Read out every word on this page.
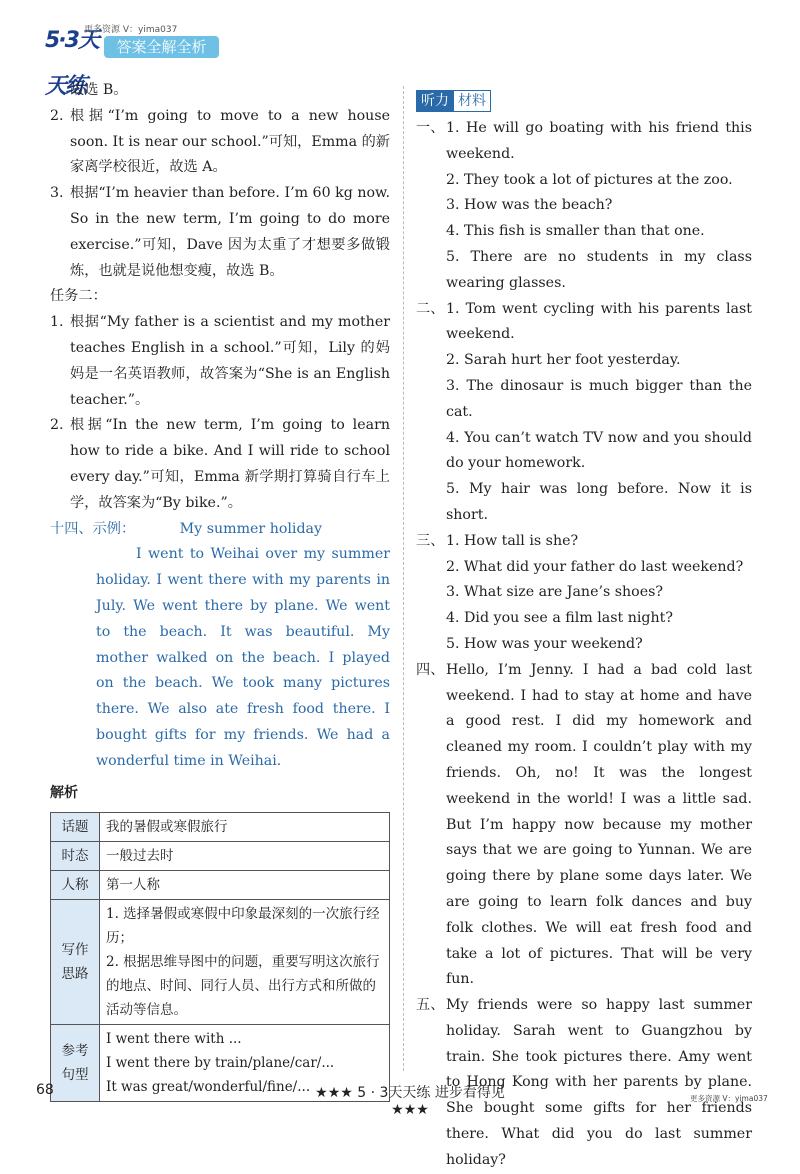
5·3天天练
更多资源 V：yima037
答案全解全析

故选 B。

2. 根据“I’m going to move to a new house soon. It is near our school.”可知，Emma 的新家离学校很近，故选 A。
3. 根据“I’m heavier than before. I’m 60 kg now. So in the new term, I’m going to do more exercise.”可知，Dave 因为太重了才想要多做锻炼，也就是说他想变瘦，故选 B。

任务二：

1. 根据“My father is a scientist and my mother teaches English in a school.”可知，Lily 的妈妈是一名英语教师，故答案为“She is an English teacher.”。
2. 根据“In the new term, I’m going to learn how to ride a bike. And I will ride to school every day.”可知，Emma 新学期打算骑自行车上学，故答案为“By bike.”。
十四、示例：	My summer holiday

I went to Weihai over my summer holiday. I went there with my parents in July. We went there by plane. We went to the beach. It was beautiful. My mother walked on the beach. I played on the beach. We took many pictures there. We also ate fresh food there. I bought gifts for my friends. We had a wonderful time in Weihai.

解析
话题	我的暑假或寒假旅行
时态	一般过去时
人称	第一人称
写作思路	1. 选择暑假或寒假中印象最深刻的一次旅行经历；
2. 根据思维导图中的问题，重要写明这次旅行的地点、时间、同行人员、出行方式和所做的活动等信息。

参考句型	I went there with ...
I went there by train/plane/car/...
It was great/wonderful/fine/...
听力 材料
一、 1. He will go boating with his friend this weekend.
2. They took a lot of pictures at the zoo.
3. How was the beach?
4. This fish is smaller than that one.
5. There are no students in my class wearing glasses.
二、 1. Tom went cycling with his parents last weekend.
2. Sarah hurt her foot yesterday.
3. The dinosaur is much bigger than the cat.
4. You can’t watch TV now and you should do your homework.
5. My hair was long before. Now it is short.
三、 1. How tall is she?
2. What did your father do last weekend?
3. What size are Jane’s shoes?
4. Did you see a film last night?
5. How was your weekend?
四、 Hello, I’m Jenny. I had a bad cold last weekend. I had to stay at home and have a good rest. I did my homework and cleaned my room. I couldn’t play with my friends. Oh, no! It was the longest weekend in the world! I was a little sad. But I’m happy now because my mother says that we are going to Yunnan. We are going there by plane some days later. We are going to learn folk dances and buy folk clothes. We will eat fresh food and take a lot of pictures. That will be very fun.
五、 My friends were so happy last summer holiday. Sarah went to Guangzhou by train. She took pictures there. Amy went to Hong Kong with her parents by plane. She bought some gifts for her friends there. What did you do last summer holiday?
68	★★★ 5 · 3天天练 进步看得见 ★★★
更多资源 V：yima037
